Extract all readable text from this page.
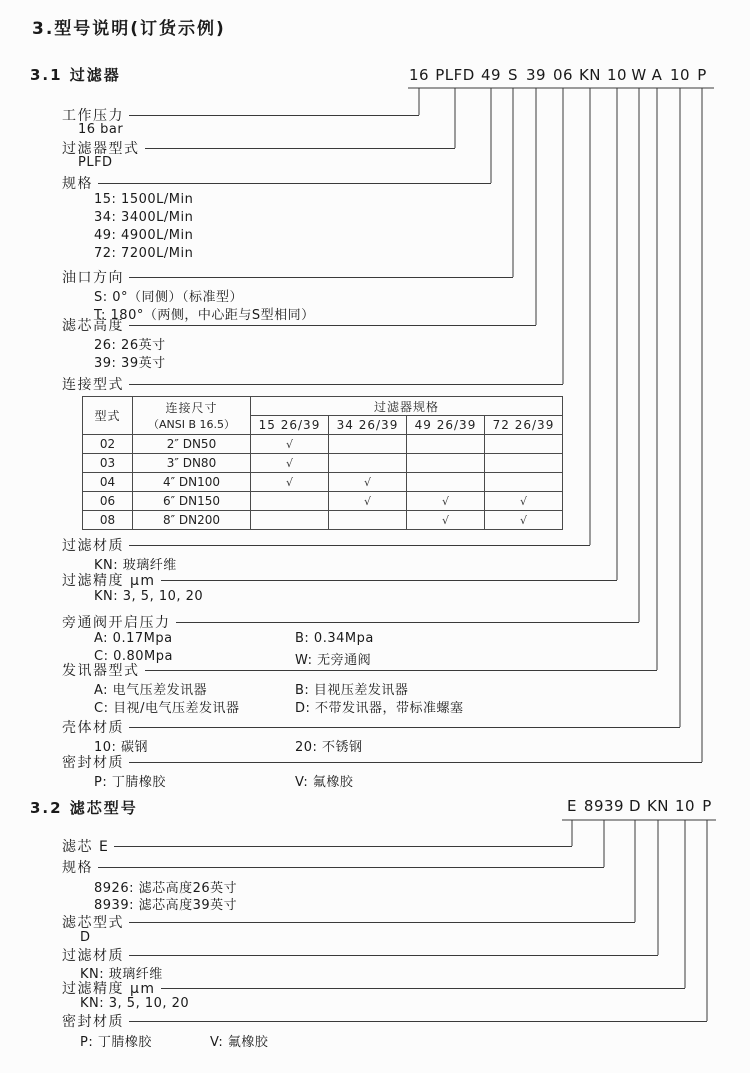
3.型号说明(订货示例)
3.1 过滤器	16 PLFD 49 S 39 06 KN 10 W A 10 P
工作压力
16 bar
过滤器型式
PLFD
规格
15: 1500L/Min
34: 3400L/Min
49: 4900L/Min
72: 7200L/Min
油口方向
S: 0°（同侧）（标准型）
T: 180°（两侧，中心距与S型相同）
滤芯高度
26: 26英寸
39: 39英寸
连接型式
型式	连接尺寸
（ANSI B 16.5）	过滤器规格			
		15 26/39	34 26/39	49 26/39	72 26/39
02	2″ DN50	√			
03	3″ DN80	√			
04	4″ DN100	√	√		
06	6″ DN150		√	√	√
08	8″ DN200			√	√
过滤材质
KN: 玻璃纤维
过滤精度 μm
KN: 3, 5, 10, 20
旁通阀开启压力
A: 0.17Mpa	B: 0.34Mpa
C: 0.80Mpa	W: 无旁通阀
发讯器型式
A: 电气压差发讯器	B: 目视压差发讯器
C: 目视/电气压差发讯器	D: 不带发讯器，带标准螺塞
壳体材质
10: 碳钢	20: 不锈钢
密封材质
P: 丁腈橡胶	V: 氟橡胶
3.2 滤芯型号	E 8939 D KN 10 P
滤芯 E
规格
8926: 滤芯高度26英寸
8939: 滤芯高度39英寸
滤芯型式
D
过滤材质
KN: 玻璃纤维
过滤精度 μm
KN: 3, 5, 10, 20
密封材质
P: 丁腈橡胶	V: 氟橡胶
